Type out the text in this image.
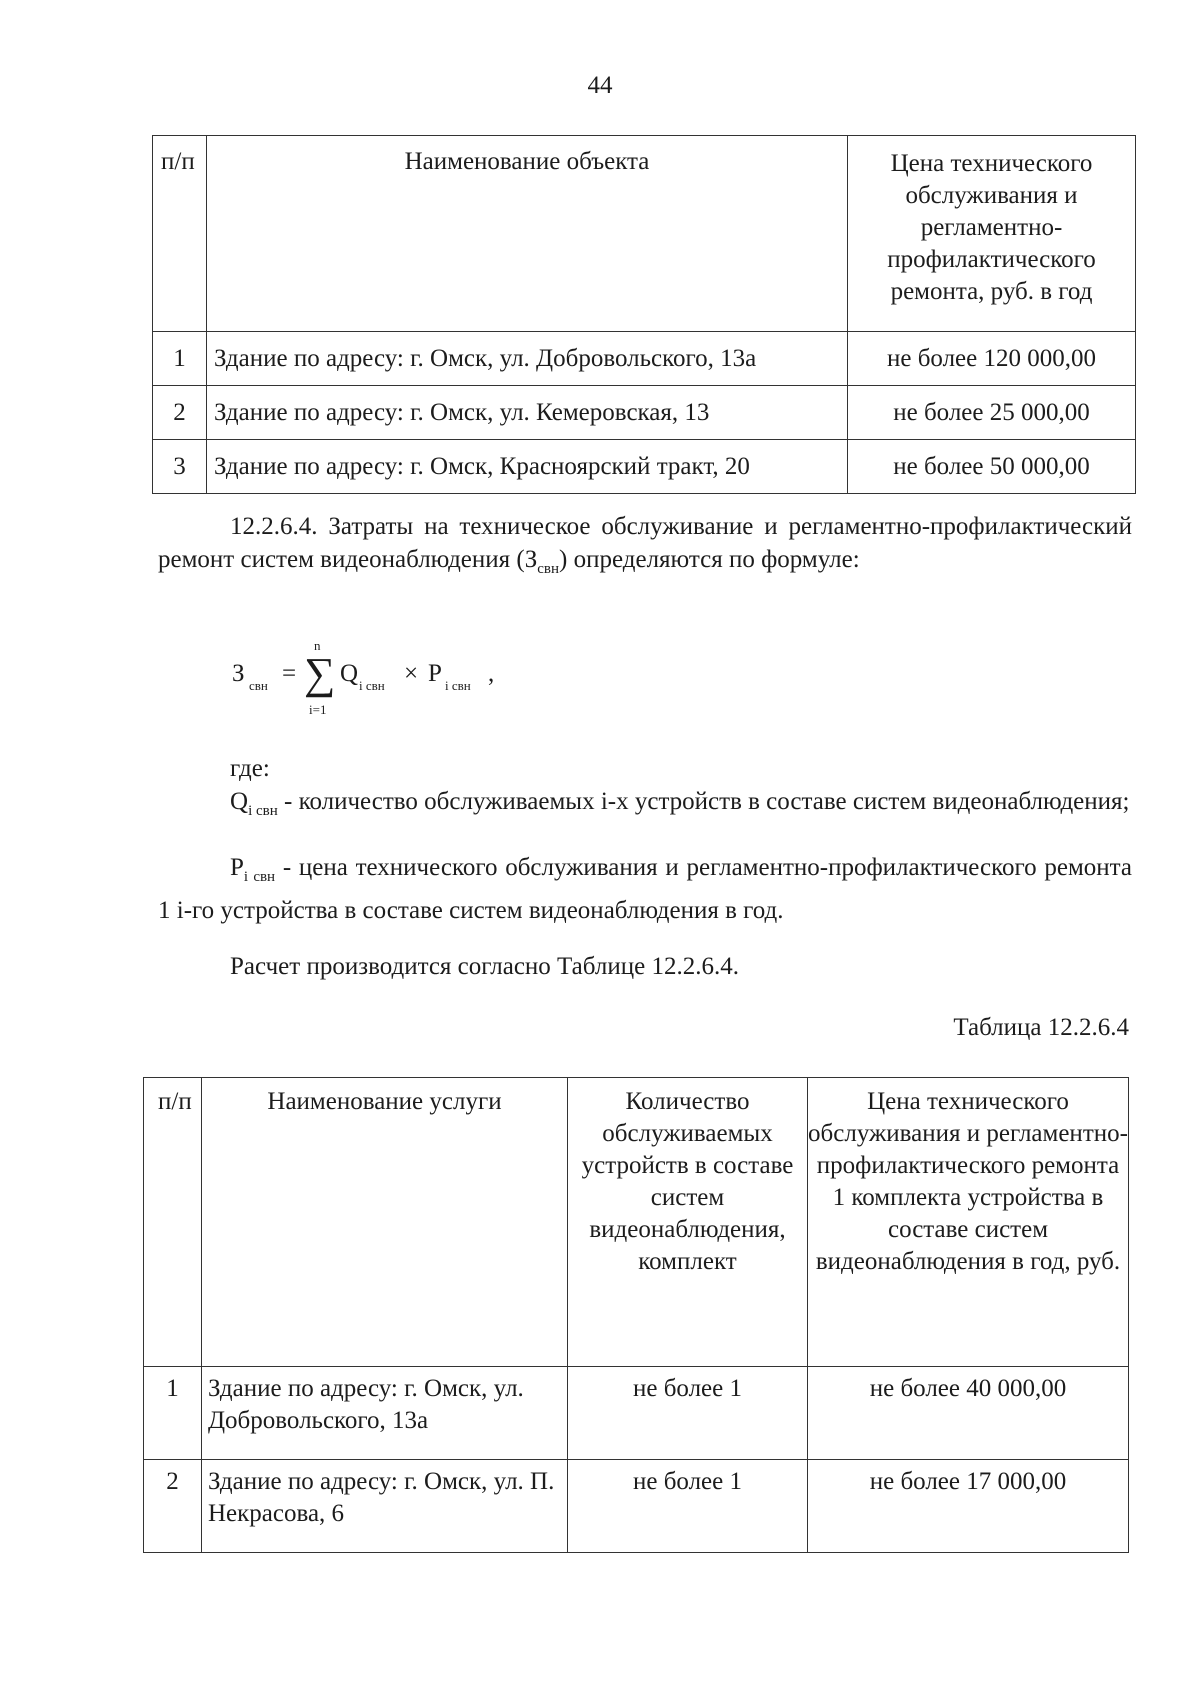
44
п/п	Наименование объекта	Цена технического обслуживания и регламентно-профилактического ремонта, руб. в год
1	Здание по адресу: г. Омск, ул. Добровольского, 13а	не более 120 000,00
2	Здание по адресу: г. Омск, ул. Кемеровская, 13	не более 25 000,00
3	Здание по адресу: г. Омск, Красноярский тракт, 20	не более 50 000,00
12.2.6.4. Затраты на техническое обслуживание и регламентно-профилактический ремонт систем видеонаблюдения $(З_{свн})$ определяются по формуле:
З свн =
n
∑
i=1
Q i свн × P i свн ,
где:
$Q_{i свн}$ - количество обслуживаемых i-х устройств в составе систем видеонаблюдения;
$P_{i свн}$ - цена технического обслуживания и регламентно-профилактического ремонта 1 i-го устройства в составе систем видеонаблюдения в год.
Расчет производится согласно Таблице 12.2.6.4.
Таблица 12.2.6.4
п/п	Наименование услуги	Количество обслуживаемых устройств в составе систем видеонаблюдения, комплект	Цена технического обслуживания и регламентно-профилактического ремонта 1 комплекта устройства в составе систем видеонаблюдения в год, руб.
1	Здание по адресу: г. Омск, ул. Добровольского, 13а	не более 1	не более 40 000,00
2	Здание по адресу: г. Омск, ул. П. Некрасова, 6	не более 1	не более 17 000,00
